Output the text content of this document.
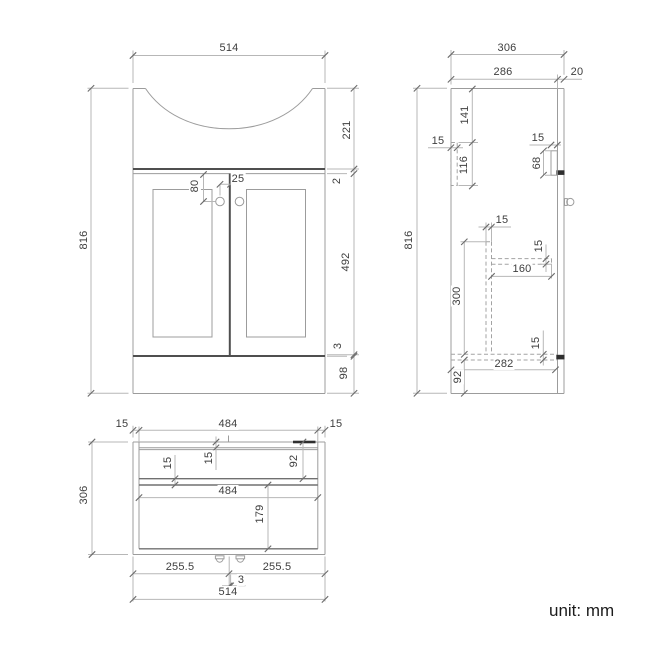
514
816
221
2
492
3
98
80
25
306
286	20
141
15
116
15
68
816
15
300
15
160
15
282
92
15	484	15
306
15
15	92
484
179
255.5	255.5
3
514
unit: mm
